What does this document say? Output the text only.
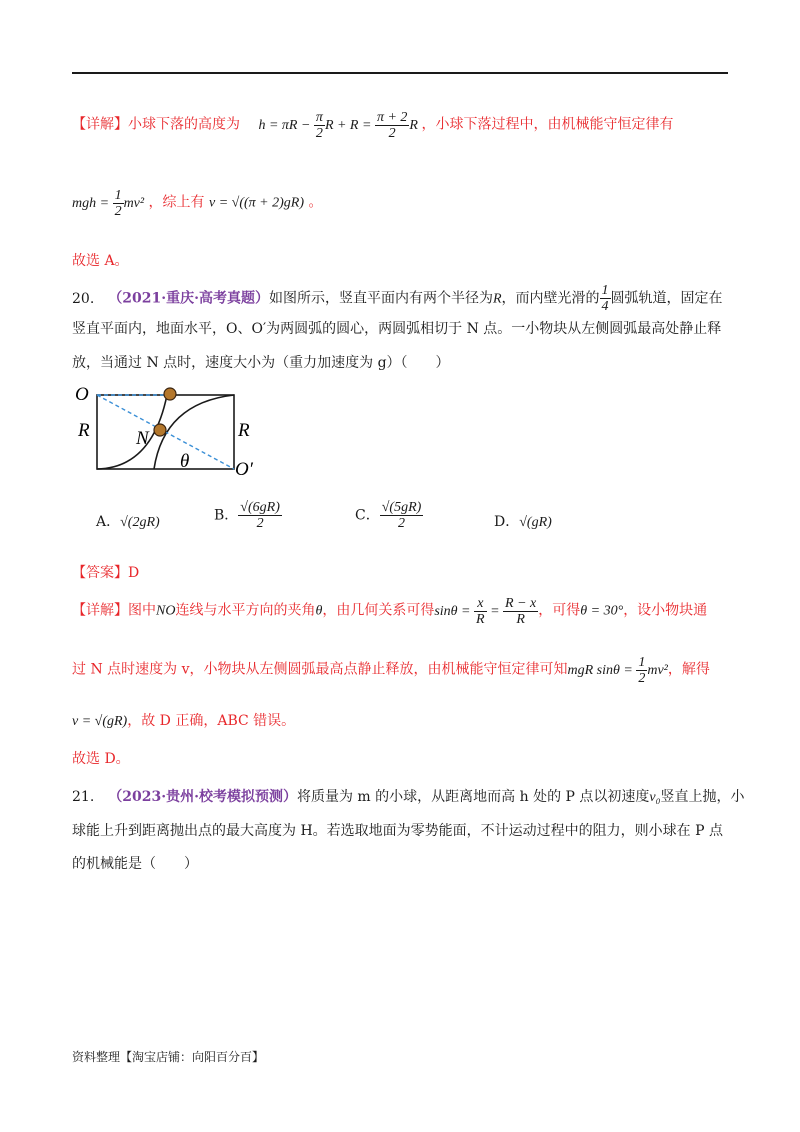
【详解】小球下落的高度为 $h = \pi R - \frac{\pi}{2}$ $R + R = \frac{\pi + 2}{2}$ R ，小球下落过程中，由机械能守恒定律有
mgh = $\frac{1}{2} mv^2$ ，综上有 v = √((π + 2)gR) 。
故选 A。
20. （2021·重庆·高考真题）如图所示，竖直平面内有两个半径为R，而内壁光滑的 $\frac{1}{4}$ 圆弧轨道，固定在
竖直平面内，地面水平，O、O′为两圆弧的圆心，两圆弧相切于 N 点。一小物块从左侧圆弧最高处静止释
放，当通过 N 点时，速度大小为（重力加速度为 g）（　　）
O
R N	R
θ O′
A．√(2gR)	B． $\frac{√(6gR)}{2}$	C． $\frac{√(5gR)}{2}$	D．√(gR)
【答案】D
【详解】图中NO连线与水平方向的夹角θ，由几何关系可得$\sin\theta = \frac{x}{R} = \frac{R - x}{R}$ ，可得θ = 30°，设小物块通
过 N 点时速度为 v，小物块从左侧圆弧最高点静止释放，由机械能守恒定律可知mgR $\sin\theta = \frac{1}{2} mv^2$，解得
v = √(gR)，故 D 正确，ABC 错误。
故选 D。
21. （2023·贵州·校考模拟预测）将质量为 m 的小球，从距离地而高 h 处的 P 点以初速度v₀竖直上抛，小
球能上升到距离抛出点的最大高度为 H。若选取地面为零势能面，不计运动过程中的阻力，则小球在 P 点
的机械能是（　　）
资料整理【淘宝店铺：向阳百分百】
